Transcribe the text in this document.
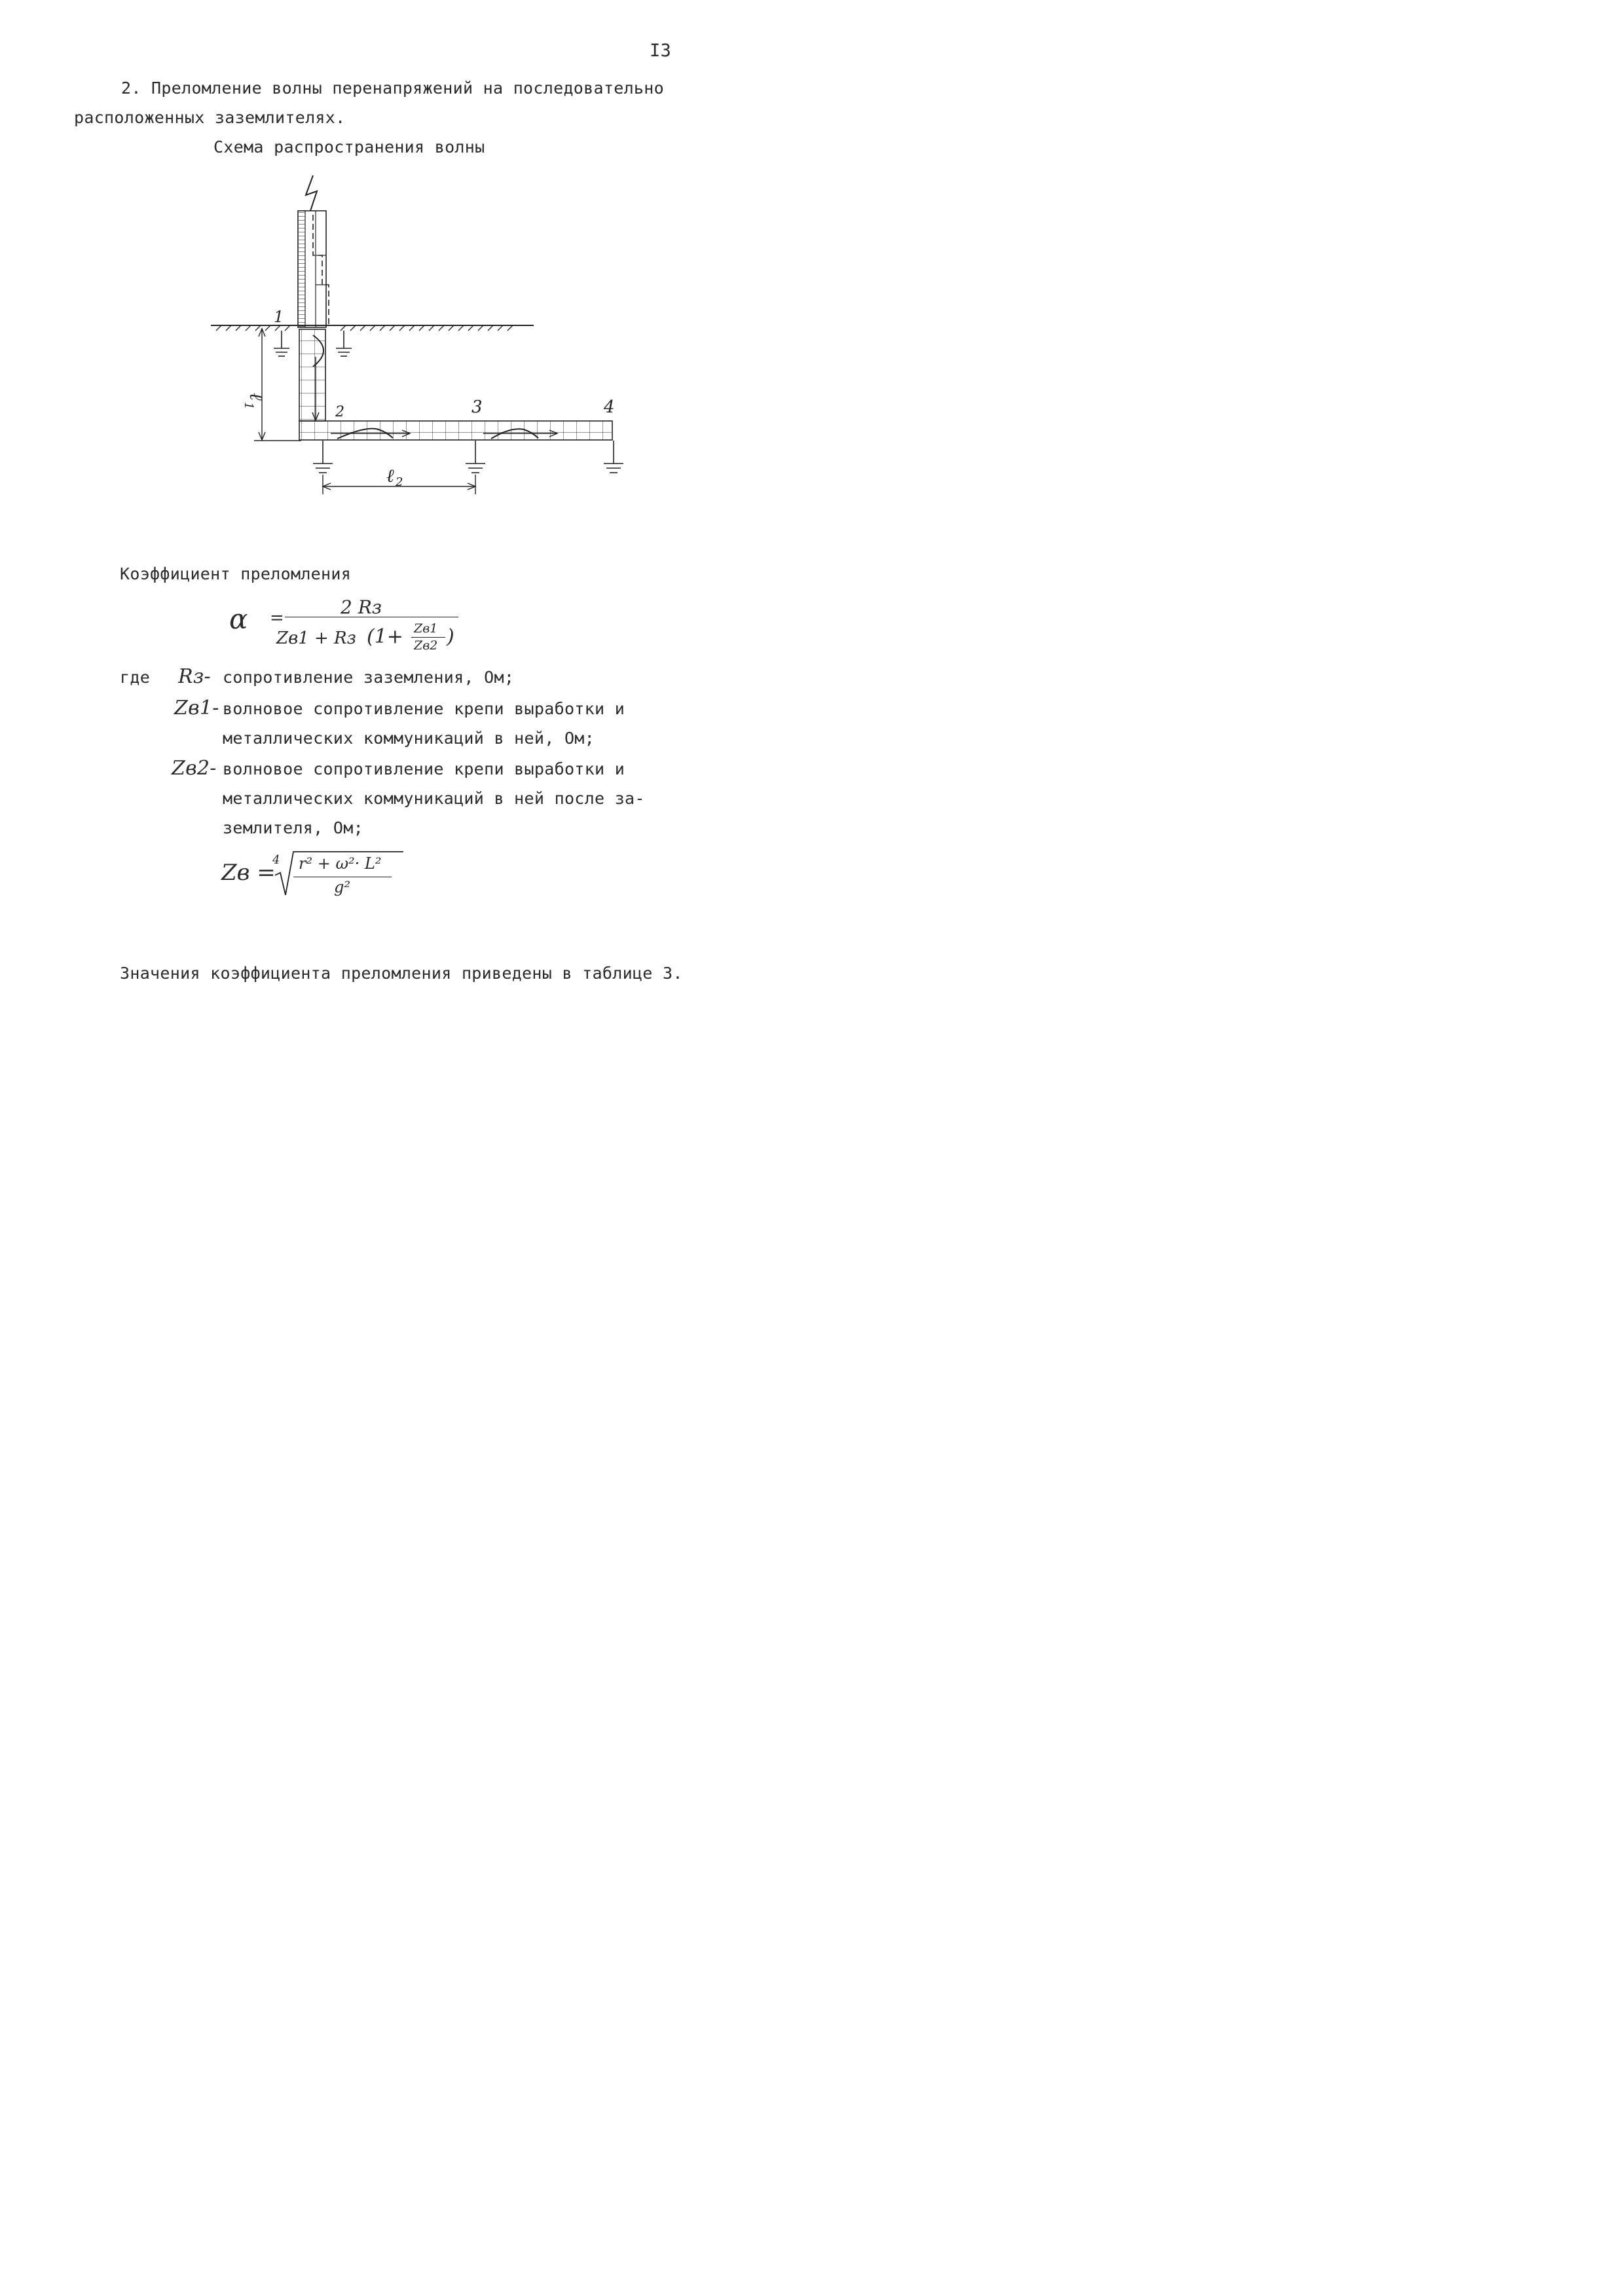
I3
2. Преломление волны перенапряжений на последовательно
расположенных заземлителях.
Схема распространения волны
1
2	3	4
ℓ
1
ℓ 2
Коэффициент преломления
α =	2 Rз
Zв1 + Rз (1+ Zв1
Zв2 )
где Rз- сопротивление заземления, Ом;
Zв1- волновое сопротивление крепи выработки и
металлических коммуникаций в ней, Ом;
Zв2- волновое сопротивление крепи выработки и
металлических коммуникаций в ней после за-
землителя, Ом;
Zв =
4 r² + ω²· L²
g²
Значения коэффициента преломления приведены в таблице 3.
